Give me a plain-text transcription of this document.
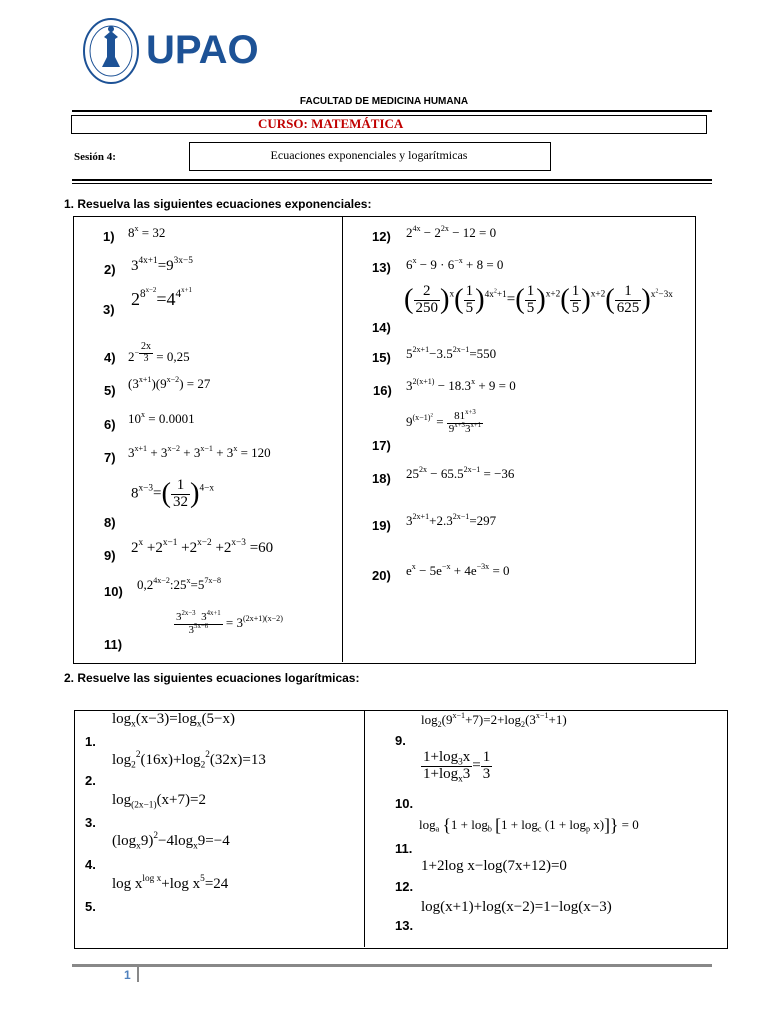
UPAO
FACULTAD DE MEDICINA HUMANA
CURSO: MATEMÁTICA
Sesión 4:	Ecuaciones exponenciales y logarítmicas
1. Resuelva las siguientes ecuaciones exponenciales:
1)
2)
3)
4)
5)
6)
7)
8)
9)
10)
11)
$8^x = 32$
$3^{4x+1}=9^{3x-5}$
$2^{8^{x-2}}=4^{4^{x+1}}$
$2^{- \frac{2x}{3}} = 0,25$
$(3^{x+1})(9^{x-2}) = 27$
$10^x = 0.0001$
$3^{x+1} + 3^{x-2} + 3^{x-1} + 3^x = 120$
$8^{x-3}=( \frac{1}{32} )^{4-x}$
$2^x +2^{x-1} +2^{x-2} +2^{x-3} =60$
$0,2^{4x-2}:25^x=5^{7x-8}$
$\frac{3^{2x-3} 3^{4x+1}}{3^{5x-6}} = 3^{(2x+1)(x-2)}$
12)
13)
14)
15)
16)
17)
18)
19)
20)
$2^{4x} - 2^{2x} - 12 = 0$
$6^x - 9 \cdot 6^{-x} + 8 = 0$
( $\frac{2}{250} )^x( \frac{1}{5} )^{4x^2+1}=( \frac{1}{5} )^{x+2}( \frac{1}{5} )^{x+2}( \frac{1}{625} )^{x^2-3x}$
$5^{2x+1}-3.5^{2x-1}=550$
$3^{2(x+1)} - 18.3^x + 9 = 0$
$9^{(x-1)^2} = \frac{81^{x+3}}{9^{x+3}3^{x+1}}$
$25^{2x} - 65.5^{2x-1} = -36$
$3^{2x+1}+2.3^{2x-1}=297$
$e^x - 5e^{-x} + 4e^{-3x} = 0$
2. Resuelve las siguientes ecuaciones logarítmicas:
1.
2.
3.
4.
5.
$\log_x(x-3)=\log_x(5-x)$
$\log_2^2(16x)+\log_2^2(32x)=13$
$\log_{(2x-1)}(x+7)=2$
$(\log_x9)^2-4\log_x9=-4$
$\log x^{log x}+\log$ $x^5=24$
9.
10.
11.
12.
13.
$\log_2(9^{x-1}+7)=2+\log_2(3^{x-1}+1)$
$\frac{1+\log_3x}{1+\log_x3} = \frac{1}{3}$
$\log_a \{1 + \log_b [1 + \log_c (1 + \log_p x)]\} = 0$
1+2log x−log(7x+12)=0
log(x+1)+log(x−2)=1−log(x−3)
1
